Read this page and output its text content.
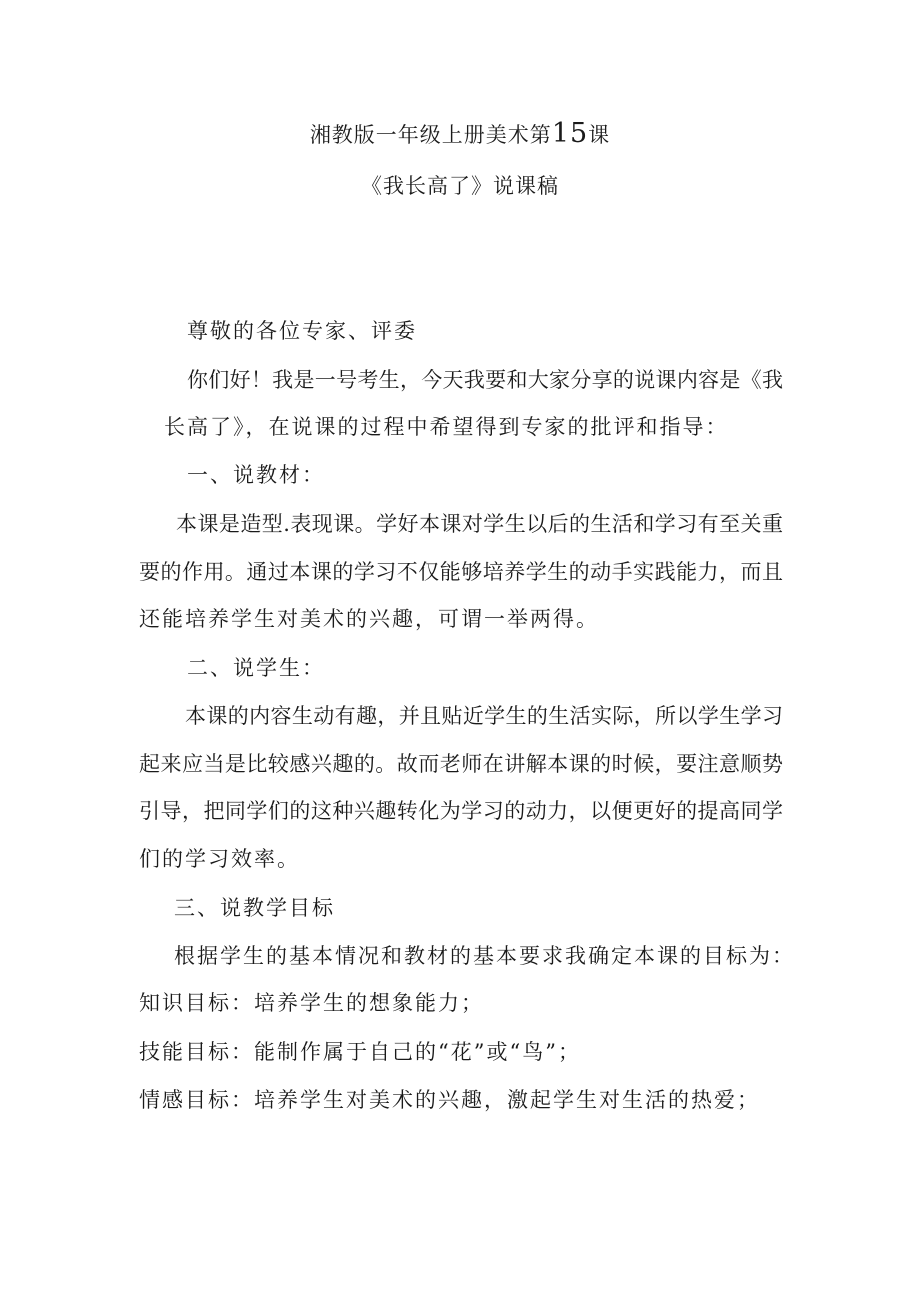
湘教版一年级上册美术第15课
《我长高了》说课稿
尊敬的各位专家、评委
你们好！我是一号考生，今天我要和大家分享的说课内容是《我
长高了》，在说课的过程中希望得到专家的批评和指导：
一、说教材：
本课是造型.表现课。学好本课对学生以后的生活和学习有至关重
要的作用。通过本课的学习不仅能够培养学生的动手实践能力，而且
还能培养学生对美术的兴趣，可谓一举两得。
二、说学生：
本课的内容生动有趣，并且贴近学生的生活实际，所以学生学习
起来应当是比较感兴趣的。故而老师在讲解本课的时候，要注意顺势
引导，把同学们的这种兴趣转化为学习的动力，以便更好的提高同学
们的学习效率。
三、说教学目标
根据学生的基本情况和教材的基本要求我确定本课的目标为：
知识目标：培养学生的想象能力；
技能目标：能制作属于自己的“花”或“鸟”；
情感目标：培养学生对美术的兴趣，激起学生对生活的热爱；
